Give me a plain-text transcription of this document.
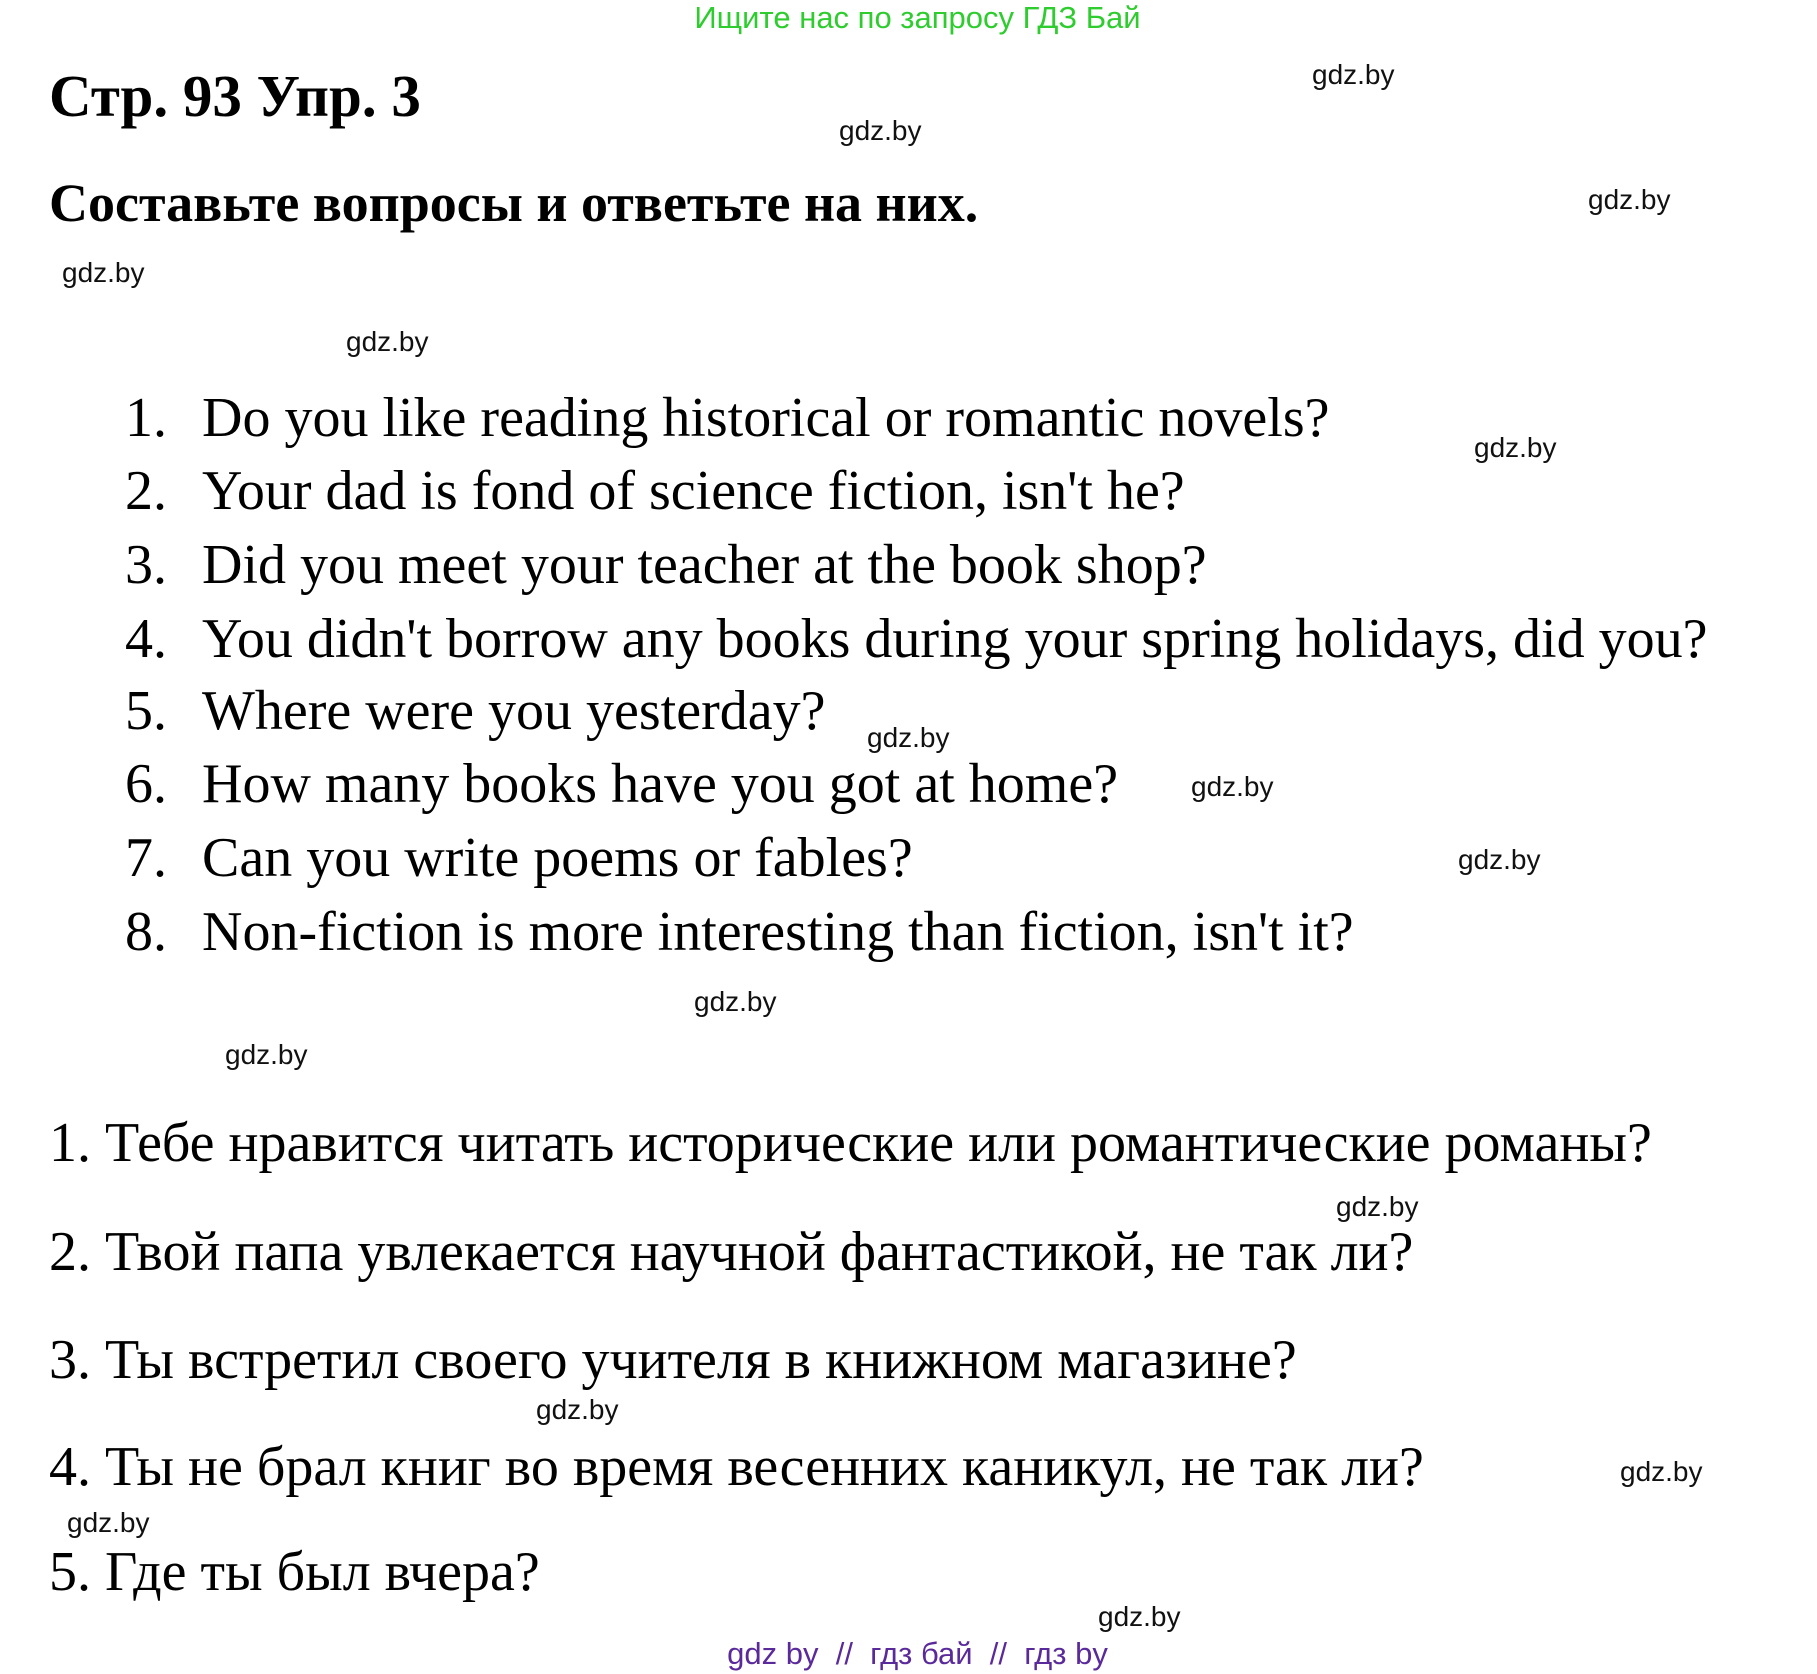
Ищите нас по запросу ГДЗ Бай
Стр. 93 Упр. 3
Составьте вопросы и ответьте на них.
1. Do you like reading historical or romantic novels?
2. Your dad is fond of science fiction, isn't he?
3. Did you meet your teacher at the book shop?
4. You didn't borrow any books during your spring holidays, did you?
5. Where were you yesterday?
6. How many books have you got at home?
7. Can you write poems or fables?
8. Non-fiction is more interesting than fiction, isn't it?
1. Тебе нравится читать исторические или романтические романы?
2. Твой папа увлекается научной фантастикой, не так ли?
3. Ты встретил своего учителя в книжном магазине?
4. Ты не брал книг во время весенних каникул, не так ли?
5. Где ты был вчера?
gdz.by
gdz.by
gdz.by
gdz.by
gdz.by
gdz.by
gdz.by
gdz.by
gdz.by
gdz.by
gdz.by
gdz.by
gdz.by
gdz.by
gdz.by
gdz.by
gdz by  //  гдз бай  //  гдз by
